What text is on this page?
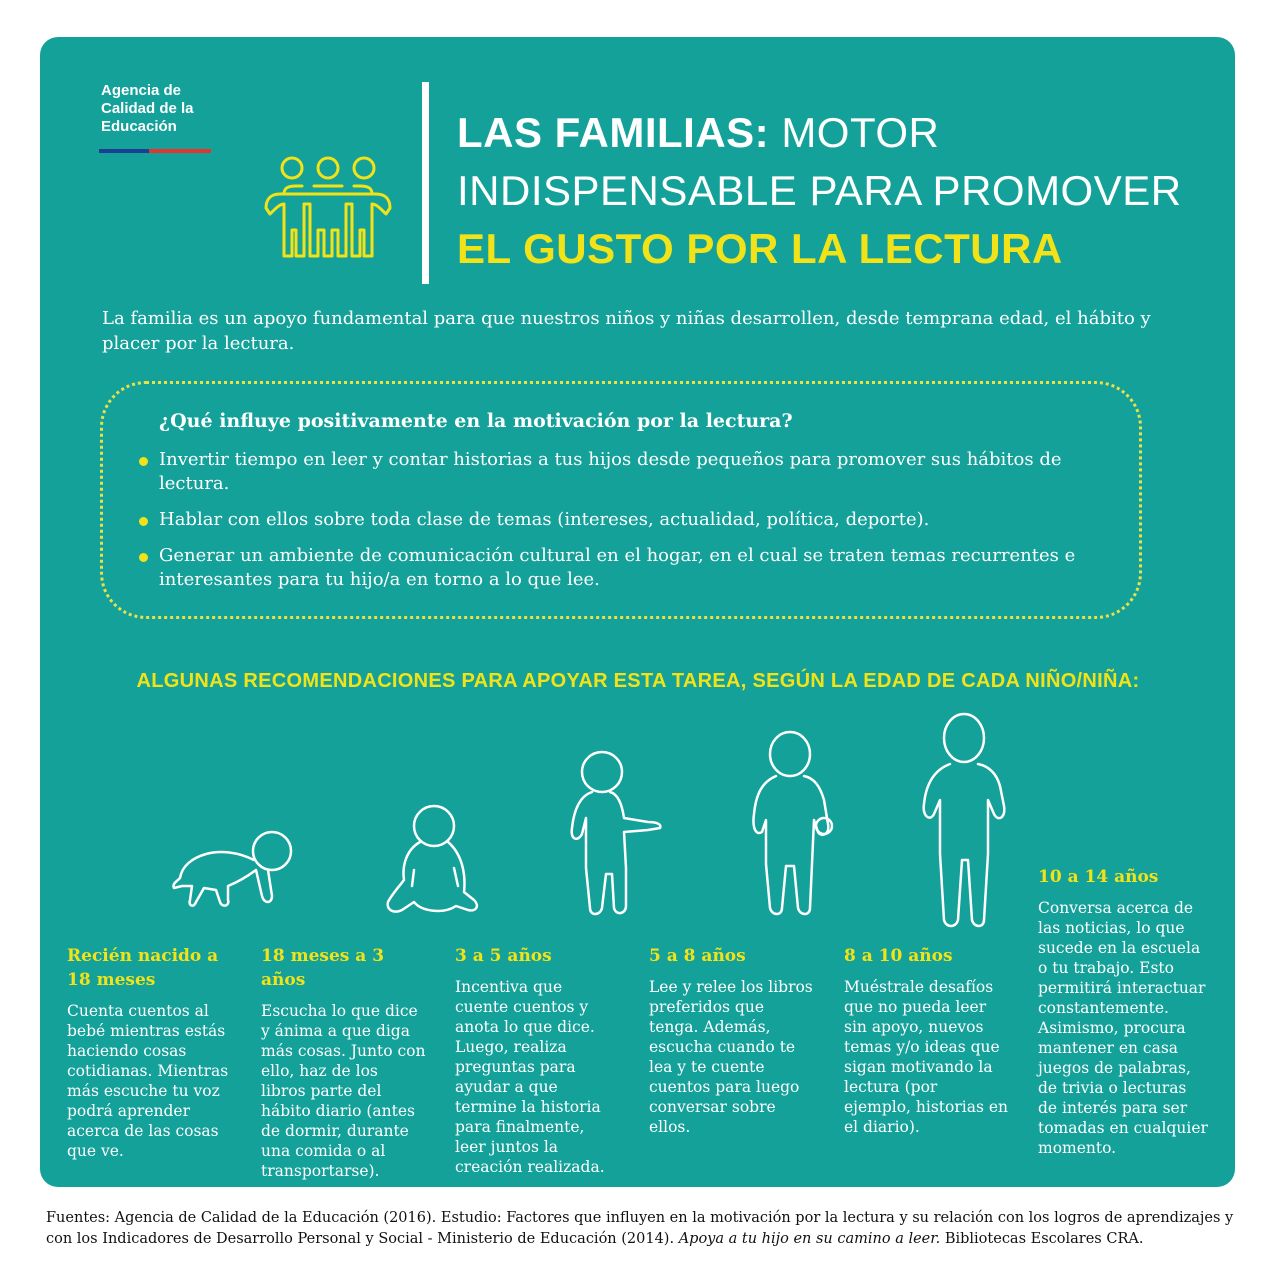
Agencia de Calidad de la Educación	LAS FAMILIAS: MOTOR
INDISPENSABLE PARA PROMOVER
EL GUSTO POR LA LECTURA
La familia es un apoyo fundamental para que nuestros niños y niñas desarrollen, desde temprana edad, el hábito y placer por la lectura.
¿Qué influye positivamente en la motivación por la lectura?
Invertir tiempo en leer y contar historias a tus hijos desde pequeños para promover sus hábitos de lectura.
Hablar con ellos sobre toda clase de temas (intereses, actualidad, política, deporte).
Generar un ambiente de comunicación cultural en el hogar, en el cual se traten temas recurrentes e interesantes para tu hijo/a en torno a lo que lee.
ALGUNAS RECOMENDACIONES PARA APOYAR ESTA TAREA, SEGÚN LA EDAD DE CADA NIÑO/NIÑA:
Recién nacido a 18 meses
Cuenta cuentos al bebé mientras estás haciendo cosas cotidianas. Mientras más escuche tu voz podrá aprender acerca de las cosas que ve.
18 meses a 3 años
Escucha lo que dice y ánima a que diga más cosas. Junto con ello, haz de los libros parte del hábito diario (antes de dormir, durante una comida o al transportarse).
3 a 5 años
Incentiva que cuente cuentos y anota lo que dice. Luego, realiza preguntas para ayudar a que termine la historia para finalmente, leer juntos la creación realizada.
5 a 8 años
Lee y relee los libros preferidos que tenga. Además, escucha cuando te lea y te cuente cuentos para luego conversar sobre ellos.
8 a 10 años
Muéstrale desafíos que no pueda leer sin apoyo, nuevos temas y/o ideas que sigan motivando la lectura (por ejemplo, historias en el diario).
10 a 14 años
Conversa acerca de las noticias, lo que sucede en la escuela o tu trabajo. Esto permitirá interactuar constantemente. Asimismo, procura mantener en casa juegos de palabras, de trivia o lecturas de interés para ser tomadas en cualquier momento.
Fuentes: Agencia de Calidad de la Educación (2016). Estudio: Factores que influyen en la motivación por la lectura y su relación con los logros de aprendizajes y con los Indicadores de Desarrollo Personal y Social - Ministerio de Educación (2014). Apoya a tu hijo en su camino a leer. Bibliotecas Escolares CRA.
